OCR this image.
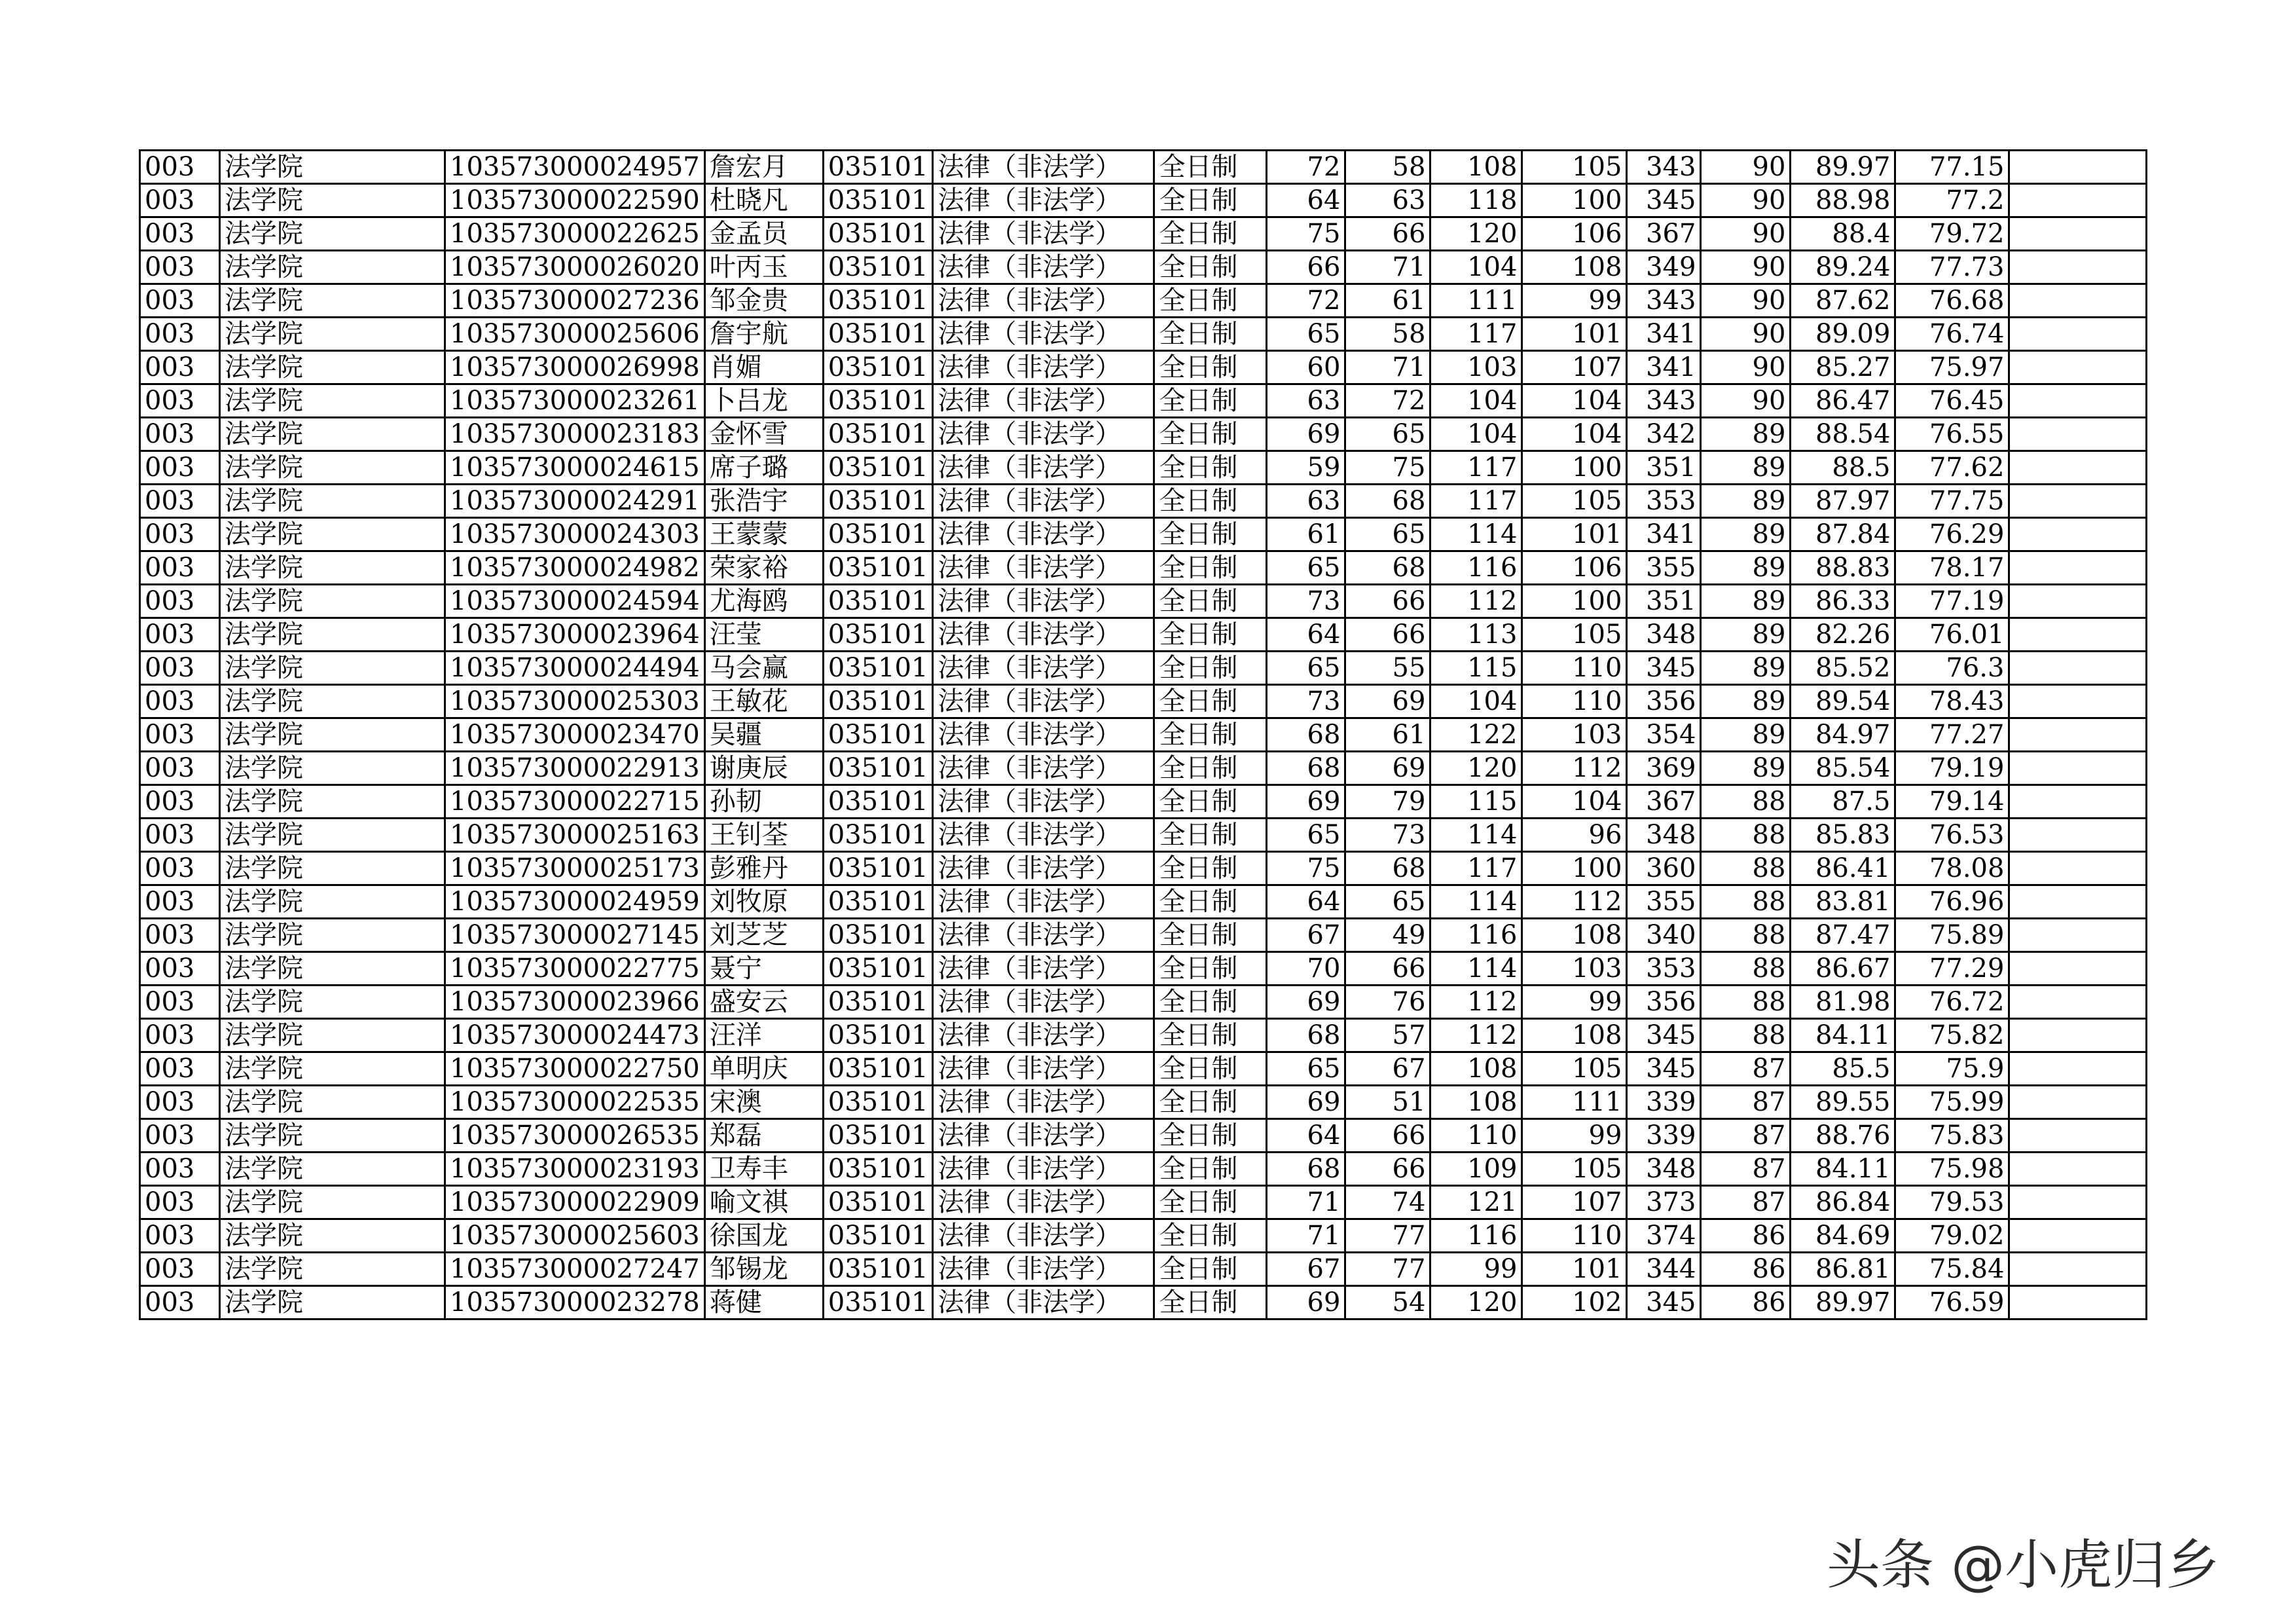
003	法学院	103573000024957	詹宏月	035101	法律（非法学）	全日制	72	58	108	105	343	90	89.97	77.15	
003	法学院	103573000022590	杜晓凡	035101	法律（非法学）	全日制	64	63	118	100	345	90	88.98	77.2	
003	法学院	103573000022625	金孟员	035101	法律（非法学）	全日制	75	66	120	106	367	90	88.4	79.72	
003	法学院	103573000026020	叶丙玉	035101	法律（非法学）	全日制	66	71	104	108	349	90	89.24	77.73	
003	法学院	103573000027236	邹金贵	035101	法律（非法学）	全日制	72	61	111	99	343	90	87.62	76.68	
003	法学院	103573000025606	詹宇航	035101	法律（非法学）	全日制	65	58	117	101	341	90	89.09	76.74	
003	法学院	103573000026998	肖媚	035101	法律（非法学）	全日制	60	71	103	107	341	90	85.27	75.97	
003	法学院	103573000023261	卜吕龙	035101	法律（非法学）	全日制	63	72	104	104	343	90	86.47	76.45	
003	法学院	103573000023183	金怀雪	035101	法律（非法学）	全日制	69	65	104	104	342	89	88.54	76.55	
003	法学院	103573000024615	席子璐	035101	法律（非法学）	全日制	59	75	117	100	351	89	88.5	77.62	
003	法学院	103573000024291	张浩宇	035101	法律（非法学）	全日制	63	68	117	105	353	89	87.97	77.75	
003	法学院	103573000024303	王蒙蒙	035101	法律（非法学）	全日制	61	65	114	101	341	89	87.84	76.29	
003	法学院	103573000024982	荣家裕	035101	法律（非法学）	全日制	65	68	116	106	355	89	88.83	78.17	
003	法学院	103573000024594	尤海鸥	035101	法律（非法学）	全日制	73	66	112	100	351	89	86.33	77.19	
003	法学院	103573000023964	汪莹	035101	法律（非法学）	全日制	64	66	113	105	348	89	82.26	76.01	
003	法学院	103573000024494	马会赢	035101	法律（非法学）	全日制	65	55	115	110	345	89	85.52	76.3	
003	法学院	103573000025303	王敏花	035101	法律（非法学）	全日制	73	69	104	110	356	89	89.54	78.43	
003	法学院	103573000023470	吴疆	035101	法律（非法学）	全日制	68	61	122	103	354	89	84.97	77.27	
003	法学院	103573000022913	谢庚辰	035101	法律（非法学）	全日制	68	69	120	112	369	89	85.54	79.19	
003	法学院	103573000022715	孙韧	035101	法律（非法学）	全日制	69	79	115	104	367	88	87.5	79.14	
003	法学院	103573000025163	王钊荃	035101	法律（非法学）	全日制	65	73	114	96	348	88	85.83	76.53	
003	法学院	103573000025173	彭雅丹	035101	法律（非法学）	全日制	75	68	117	100	360	88	86.41	78.08	
003	法学院	103573000024959	刘牧原	035101	法律（非法学）	全日制	64	65	114	112	355	88	83.81	76.96	
003	法学院	103573000027145	刘芝芝	035101	法律（非法学）	全日制	67	49	116	108	340	88	87.47	75.89	
003	法学院	103573000022775	聂宁	035101	法律（非法学）	全日制	70	66	114	103	353	88	86.67	77.29	
003	法学院	103573000023966	盛安云	035101	法律（非法学）	全日制	69	76	112	99	356	88	81.98	76.72	
003	法学院	103573000024473	汪洋	035101	法律（非法学）	全日制	68	57	112	108	345	88	84.11	75.82	
003	法学院	103573000022750	单明庆	035101	法律（非法学）	全日制	65	67	108	105	345	87	85.5	75.9	
003	法学院	103573000022535	宋澳	035101	法律（非法学）	全日制	69	51	108	111	339	87	89.55	75.99	
003	法学院	103573000026535	郑磊	035101	法律（非法学）	全日制	64	66	110	99	339	87	88.76	75.83	
003	法学院	103573000023193	卫寿丰	035101	法律（非法学）	全日制	68	66	109	105	348	87	84.11	75.98	
003	法学院	103573000022909	喻文祺	035101	法律（非法学）	全日制	71	74	121	107	373	87	86.84	79.53	
003	法学院	103573000025603	徐国龙	035101	法律（非法学）	全日制	71	77	116	110	374	86	84.69	79.02	
003	法学院	103573000027247	邹锡龙	035101	法律（非法学）	全日制	67	77	99	101	344	86	86.81	75.84	
003	法学院	103573000023278	蒋健	035101	法律（非法学）	全日制	69	54	120	102	345	86	89.97	76.59	
头条 @小虎归乡
